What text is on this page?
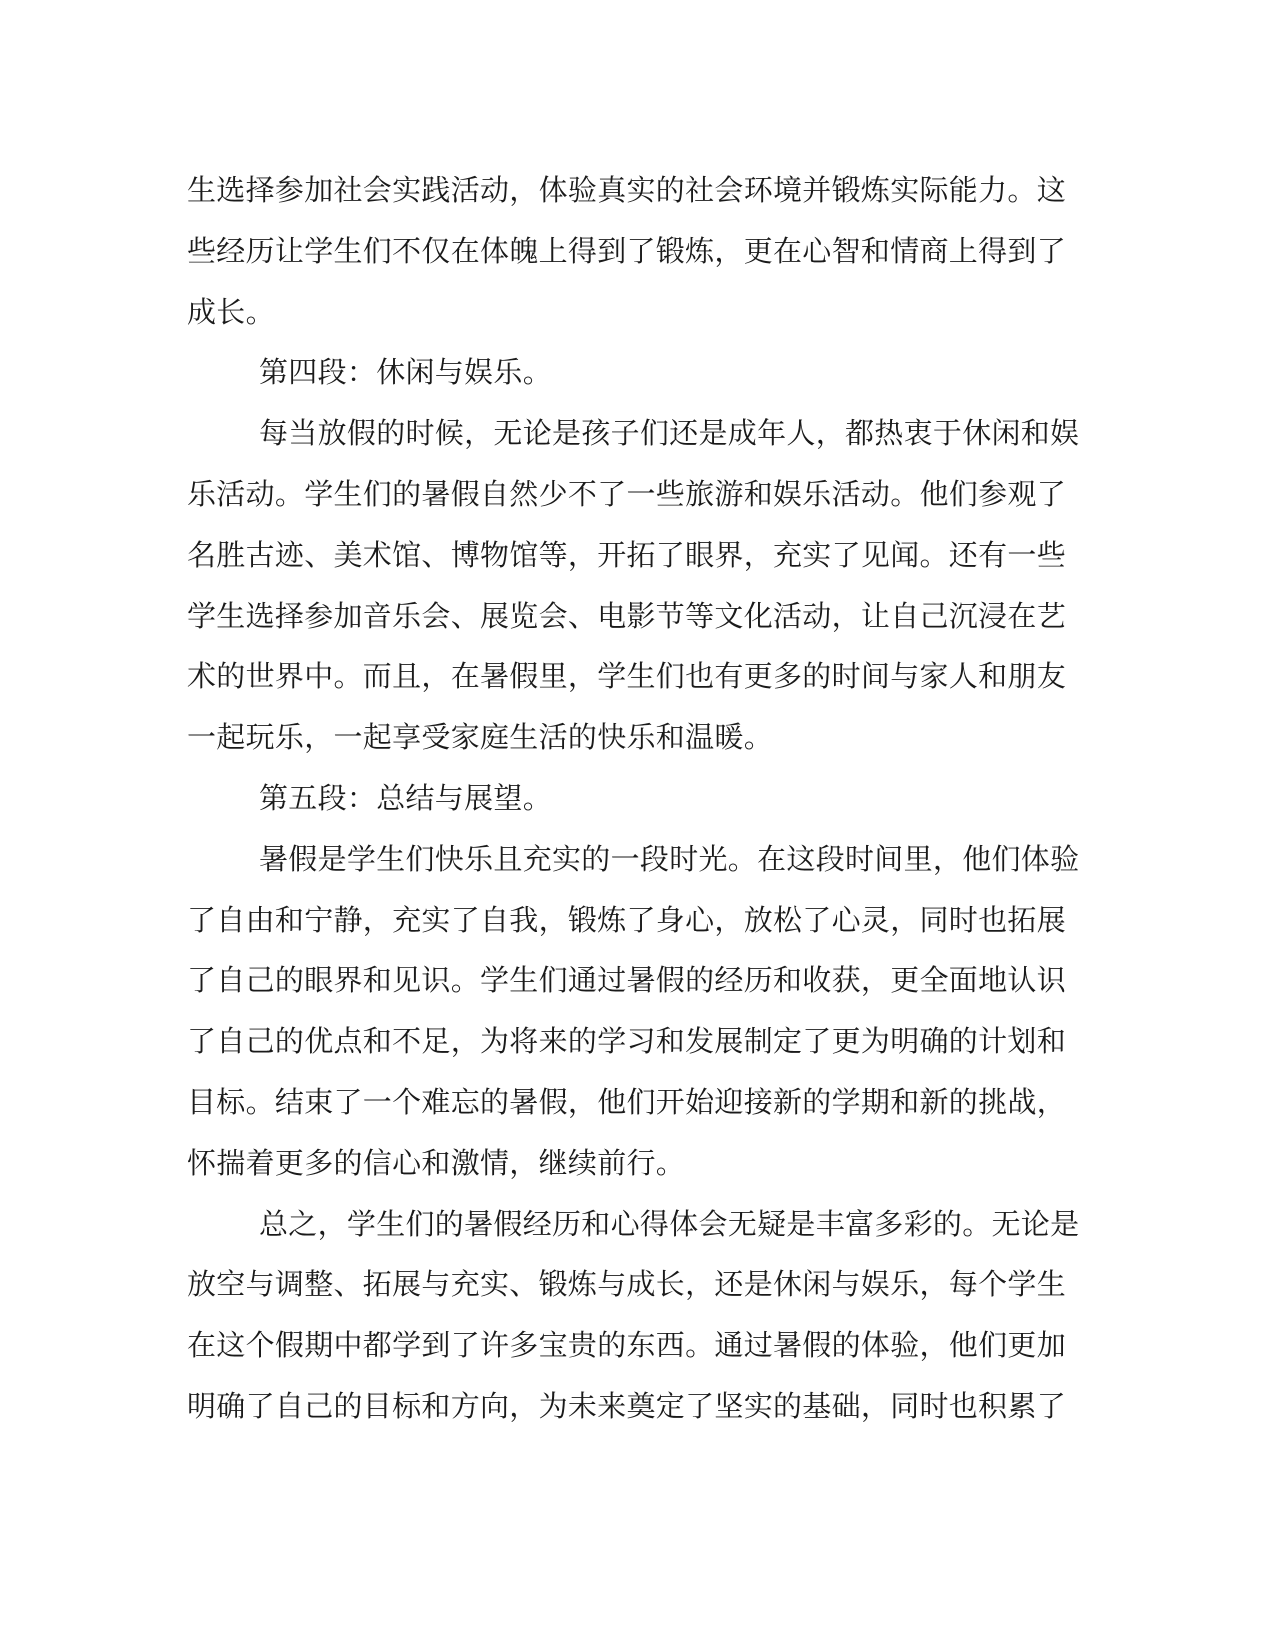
生选择参加社会实践活动，体验真实的社会环境并锻炼实际能力。这
些经历让学生们不仅在体魄上得到了锻炼，更在心智和情商上得到了
成长。
第四段：休闲与娱乐。
每当放假的时候，无论是孩子们还是成年人，都热衷于休闲和娱
乐活动。学生们的暑假自然少不了一些旅游和娱乐活动。他们参观了
名胜古迹、美术馆、博物馆等，开拓了眼界，充实了见闻。还有一些
学生选择参加音乐会、展览会、电影节等文化活动，让自己沉浸在艺
术的世界中。而且，在暑假里，学生们也有更多的时间与家人和朋友
一起玩乐，一起享受家庭生活的快乐和温暖。
第五段：总结与展望。
暑假是学生们快乐且充实的一段时光。在这段时间里，他们体验
了自由和宁静，充实了自我，锻炼了身心，放松了心灵，同时也拓展
了自己的眼界和见识。学生们通过暑假的经历和收获，更全面地认识
了自己的优点和不足，为将来的学习和发展制定了更为明确的计划和
目标。结束了一个难忘的暑假，他们开始迎接新的学期和新的挑战，
怀揣着更多的信心和激情，继续前行。
总之，学生们的暑假经历和心得体会无疑是丰富多彩的。无论是
放空与调整、拓展与充实、锻炼与成长，还是休闲与娱乐，每个学生
在这个假期中都学到了许多宝贵的东西。通过暑假的体验，他们更加
明确了自己的目标和方向，为未来奠定了坚实的基础，同时也积累了
